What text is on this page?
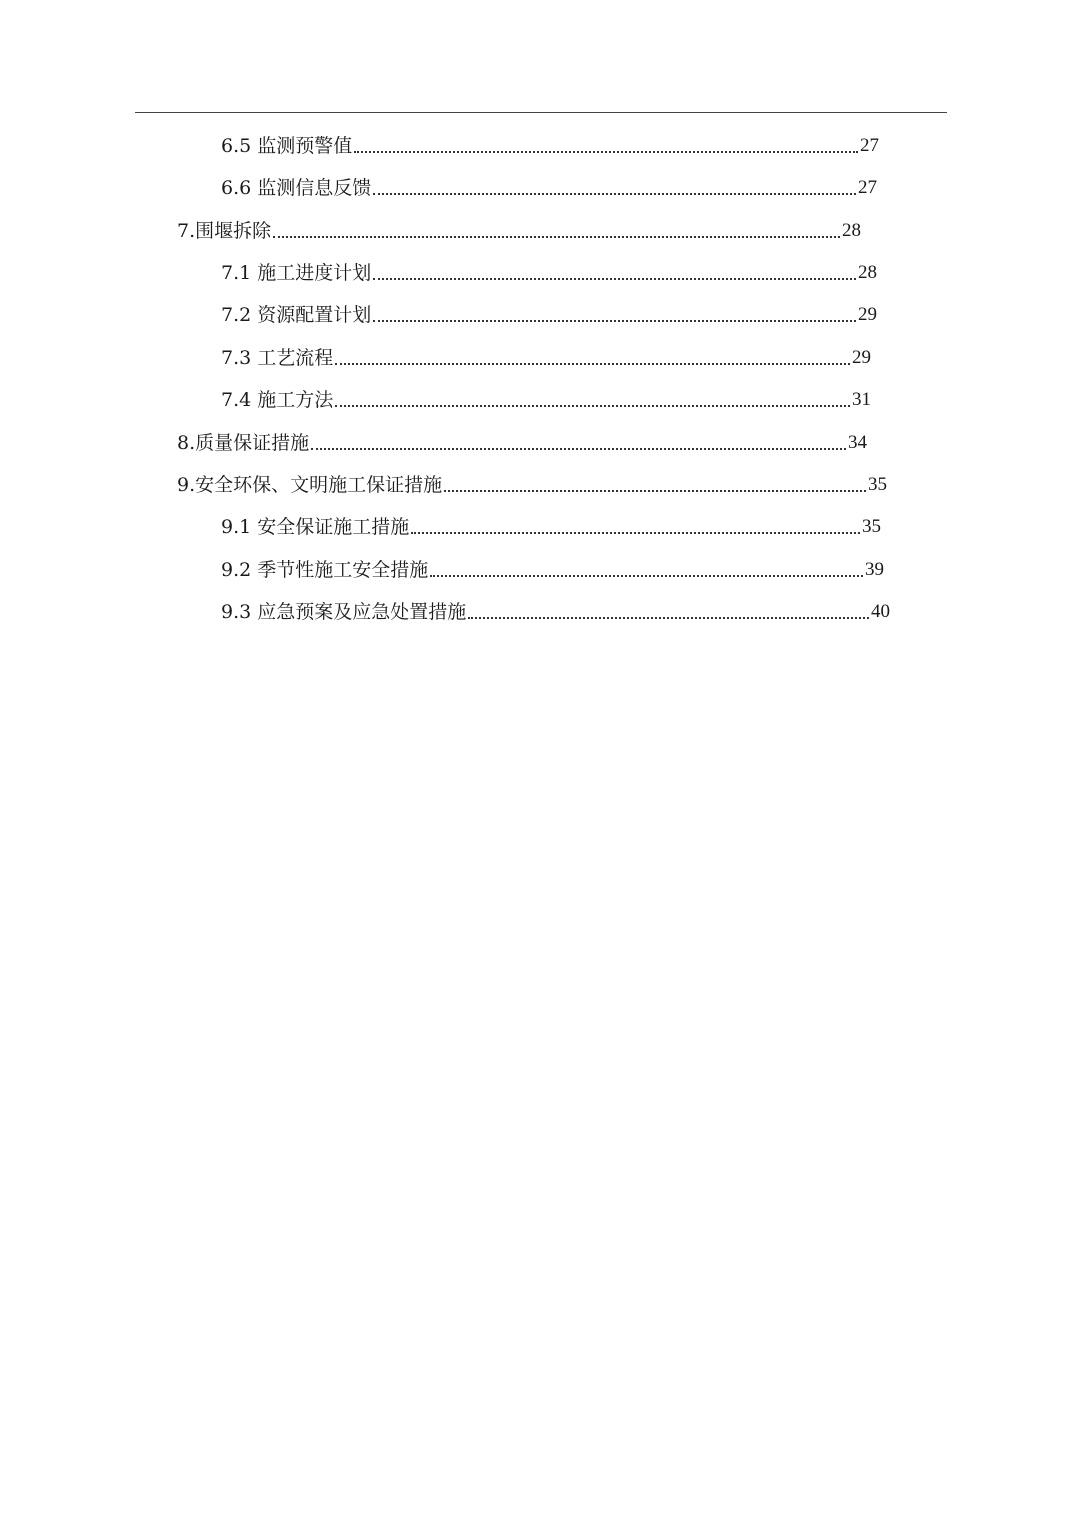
6.5 监测预警值	27
6.6 监测信息反馈	27
7.围堰拆除	28
7.1 施工进度计划	28
7.2 资源配置计划	29
7.3 工艺流程	29
7.4 施工方法	31
8.质量保证措施	34
9.安全环保、文明施工保证措施	35
9.1 安全保证施工措施	35
9.2 季节性施工安全措施	39
9.3 应急预案及应急处置措施	40
